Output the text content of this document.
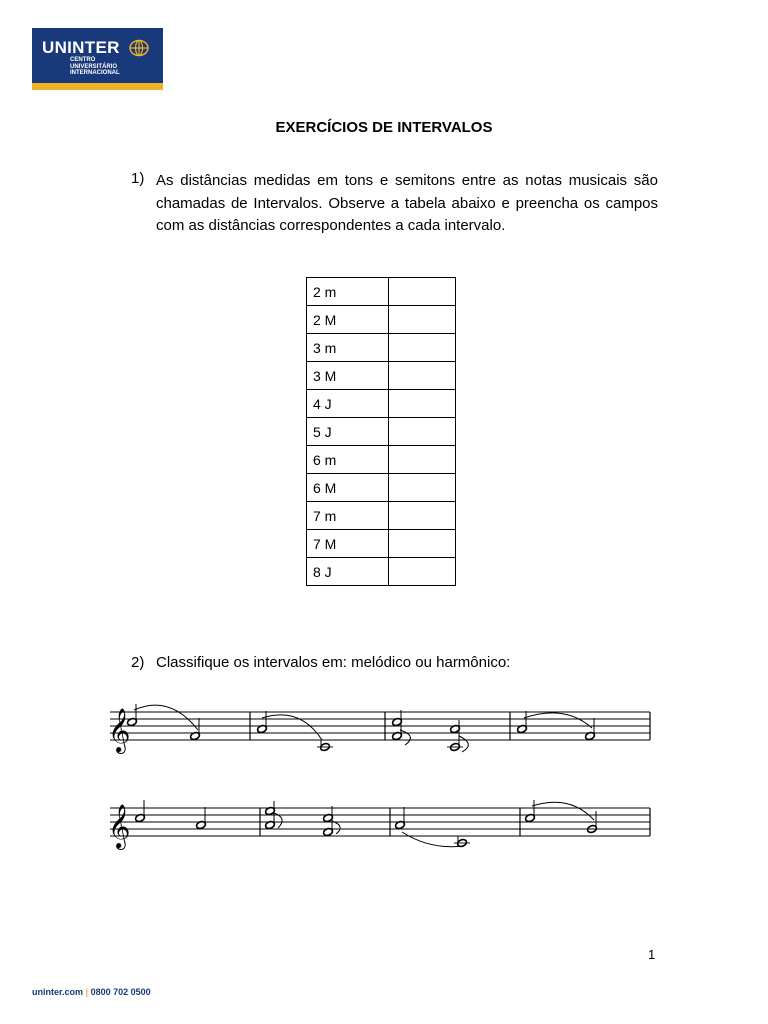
UNINTER
CENTRO
UNIVERSITÁRIO
INTERNACIONAL
EXERCÍCIOS DE INTERVALOS
1) As distâncias medidas em tons e semitons entre as notas musicais são chamadas de Intervalos. Observe a tabela abaixo e preencha os campos com as distâncias correspondentes a cada intervalo.
2 m	
2 M	
3 m	
3 M	
4 J	
5 J	
6 m	
6 M	
7 m	
7 M	
8 J	
2) Classifique os intervalos em: melódico ou harmônico:
𝄞
𝄞
1
uninter.com | 0800 702 0500
